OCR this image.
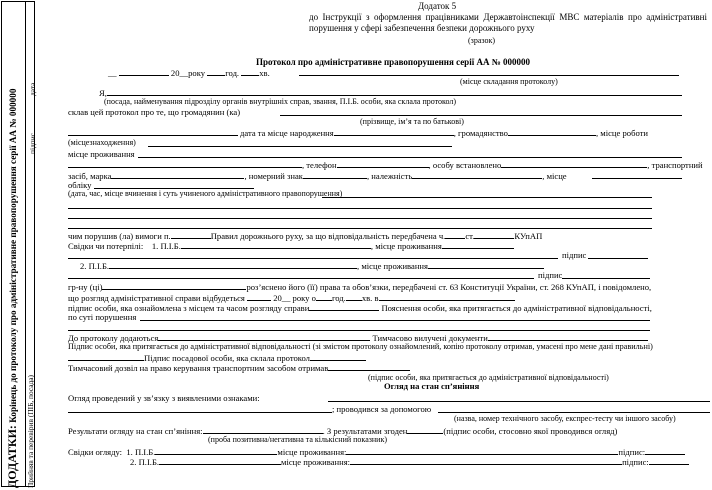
ДОДАТКИ: Корінець до протоколу про адміністративне правопорушення серії АА № 000000
Прийняв та перевірив (ПІБ, посада)
підпис
дата
Додаток 5
до Інструкції з оформлення працівниками Державтоінспекції МВС матеріалів про адміністративні порушення у сфері забезпечення безпеки дорожнього руху
(зразок)
Протокол про адміністративне правопорушення серії АА № 000000
__	20__року год. хв.
(місце складання протоколу)
Я,
(посада, найменування підрозділу органів внутрішніх справ, звання, П.І.Б. особи, яка склала протокол)
склав цей протокол про те, що громадянин (ка)
(прізвище, ім’я та по батькові)
дата та місце народження	, громадянство	, місце роботи
(місцезнаходження)
місце проживання
, телефон	, особу встановлено	, транспортний
засіб, марка	, номерний знак	, належність	, місце
обліку
(дата, час, місце вчинення і суть учиненого адміністративного правопорушення)
чим порушив (ла) вимоги п.	Правил дорожнього руху, за що відповідальність передбачена ч. ст.	КУпАП
Свідки чи потерпілі: 1. П.І.Б.	, місце проживання
підпис
2. П.І.Б.	, місце проживання
підпис
гр-ну (ці)	роз’яснено його (її) права та обов’язки, передбачені ст. 63 Конституції України, ст. 268 КУпАП, і повідомлено,
що розгляд адміністративної справи відбудеться	20__ року о год. хв. в
підпис особи, яка ознайомлена з місцем та часом розгляду справи	Пояснення особи, яка притягається до адміністративної відповідальності,
по суті порушення
До протоколу додаються	Тимчасово вилучені документи
Підпис особи, яка притягається до адміністративної відповідальності (зі змістом протоколу ознайомлений, копію протоколу отримав, умасені про мене дані правильні)
Підпис посадової особи, яка склала протокол
Тимчасовий дозвіл на право керування транспортним засобом отримав
(підпис особи, яка притягається до адміністративної відповідальності)
Огляд на стан сп’яніння
Огляд проведений у зв’язку з виявленими ознаками:
; проводився за допомогою
(назва, номер технічного засобу, експрес-тесту чи іншого засобу)
Результати огляду на стан сп’яніння:	. З результатами згоден	(підпис особи, стосовно якої проводився огляд)
(проба позитивна/негативна та кількісний показник)
Свідки огляду: 1. П.І.Б.	місце проживання:	підпис:
2. П.І.Б.	місце проживання:	підпис:
